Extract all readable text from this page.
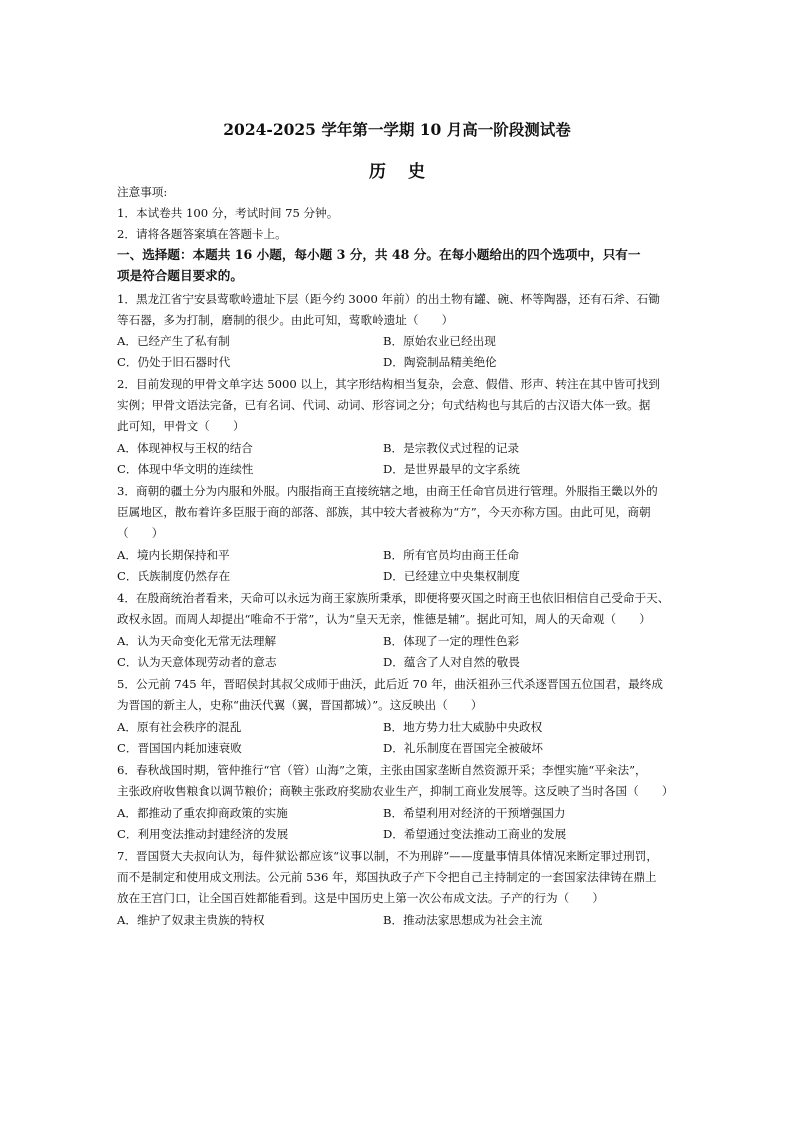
2024-2025 学年第一学期 10 月高一阶段测试卷
历史
注意事项:
1．本试卷共 100 分，考试时间 75 分钟。
2．请将各题答案填在答题卡上。
一、选择题：本题共 16 小题，每小题 3 分，共 48 分。在每小题给出的四个选项中，只有一
项是符合题目要求的。
1．黑龙江省宁安县莺歌岭遗址下层（距今约 3000 年前）的出土物有罐、碗、杯等陶器，还有石斧、石锄
等石器，多为打制，磨制的很少。由此可知，莺歌岭遗址（　　）
A．已经产生了私有制	B．原始农业已经出现
C．仍处于旧石器时代	D．陶瓷制品精美绝伦
2．目前发现的甲骨文单字达 5000 以上，其字形结构相当复杂，会意、假借、形声、转注在其中皆可找到
实例；甲骨文语法完备，已有名词、代词、动词、形容词之分；句式结构也与其后的古汉语大体一致。据
此可知，甲骨文（　　）
A．体现神权与王权的结合	B．是宗教仪式过程的记录
C．体现中华文明的连续性	D．是世界最早的文字系统
3．商朝的疆土分为内服和外服。内服指商王直接统辖之地，由商王任命官员进行管理。外服指王畿以外的
臣属地区，散布着许多臣服于商的部落、部族，其中较大者被称为“方”，今天亦称方国。由此可见，商朝
（　　）
A．境内长期保持和平	B．所有官员均由商王任命
C．氏族制度仍然存在	D．已经建立中央集权制度
4．在殷商统治者看来，天命可以永远为商王家族所秉承，即便将要灭国之时商王也依旧相信自己受命于天、
政权永固。而周人却提出“唯命不于常”，认为“皇天无亲，惟德是辅”。据此可知，周人的天命观（　　）
A．认为天命变化无常无法理解	B．体现了一定的理性色彩
C．认为天意体现劳动者的意志	D．蕴含了人对自然的敬畏
5．公元前 745 年，晋昭侯封其叔父成师于曲沃，此后近 70 年，曲沃祖孙三代杀逐晋国五位国君，最终成
为晋国的新主人，史称“曲沃代翼（翼，晋国都城）”。这反映出（　　）
A．原有社会秩序的混乱	B．地方势力壮大威胁中央政权
C．晋国国内耗加速衰败	D．礼乐制度在晋国完全被破坏
6．春秋战国时期，管仲推行“官（管）山海”之策，主张由国家垄断自然资源开采；李悝实施“平籴法”，
主张政府收售粮食以调节粮价；商鞅主张政府奖励农业生产，抑制工商业发展等。这反映了当时各国（　　）
A．都推动了重农抑商政策的实施	B．希望利用对经济的干预增强国力
C．利用变法推动封建经济的发展	D．希望通过变法推动工商业的发展
7．晋国贤大夫叔向认为，每件狱讼都应该“议事以制，不为刑辟”——度量事情具体情况来断定罪过刑罚，
而不是制定和使用成文刑法。公元前 536 年，郑国执政子产下令把自己主持制定的一套国家法律铸在鼎上
放在王宫门口，让全国百姓都能看到。这是中国历史上第一次公布成文法。子产的行为（　　）
A．维护了奴隶主贵族的特权	B．推动法家思想成为社会主流
